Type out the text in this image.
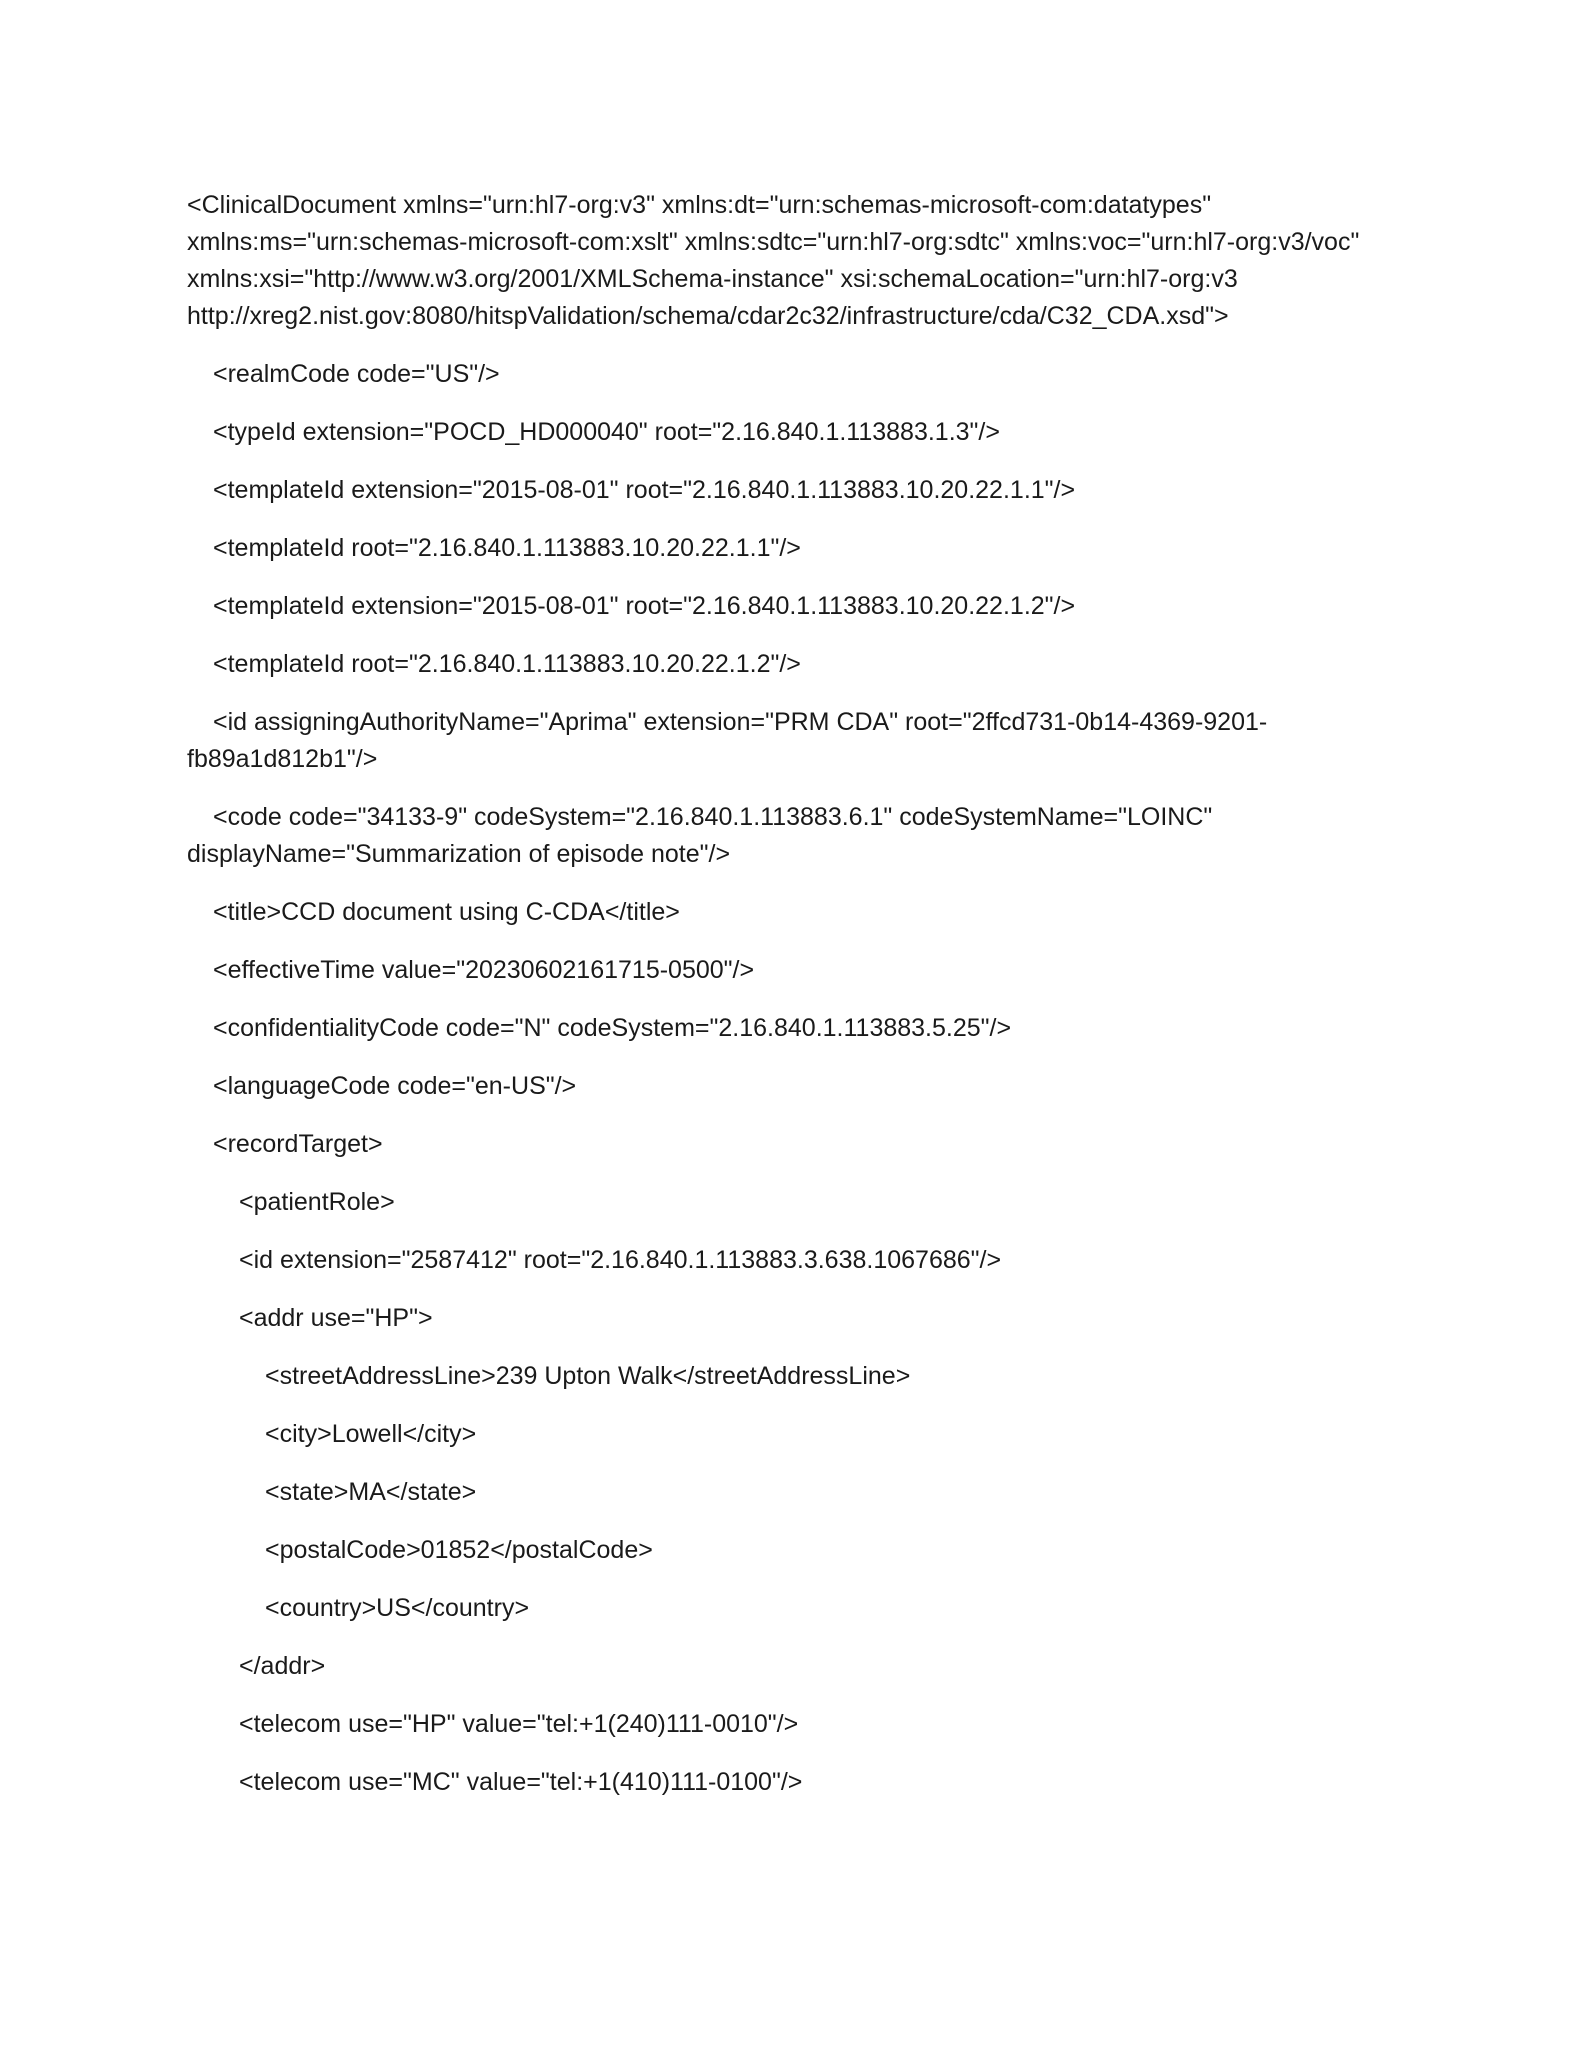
<ClinicalDocument xmlns="urn:hl7-org:v3" xmlns:dt="urn:schemas-microsoft-com:datatypes" xmlns:ms="urn:schemas-microsoft-com:xslt" xmlns:sdtc="urn:hl7-org:sdtc" xmlns:voc="urn:hl7-org:v3/voc" xmlns:xsi="http://www.w3.org/2001/XMLSchema-instance" xsi:schemaLocation="urn:hl7-org:v3 http://xreg2.nist.gov:8080/hitspValidation/schema/cdar2c32/infrastructure/cda/C32_CDA.xsd">

<realmCode code="US"/>

<typeId extension="POCD_HD000040" root="2.16.840.1.113883.1.3"/>

<templateId extension="2015-08-01" root="2.16.840.1.113883.10.20.22.1.1"/>

<templateId root="2.16.840.1.113883.10.20.22.1.1"/>

<templateId extension="2015-08-01" root="2.16.840.1.113883.10.20.22.1.2"/>

<templateId root="2.16.840.1.113883.10.20.22.1.2"/>

<id assigningAuthorityName="Aprima" extension="PRM CDA" root="2ffcd731-0b14-4369-9201-fb89a1d812b1"/>

<code code="34133-9" codeSystem="2.16.840.1.113883.6.1" codeSystemName="LOINC" displayName="Summarization of episode note"/>

<title>CCD document using C-CDA</title>

<effectiveTime value="20230602161715-0500"/>

<confidentialityCode code="N" codeSystem="2.16.840.1.113883.5.25"/>

<languageCode code="en-US"/>

<recordTarget>

<patientRole>

<id extension="2587412" root="2.16.840.1.113883.3.638.1067686"/>

<addr use="HP">

<streetAddressLine>239 Upton Walk</streetAddressLine>

<city>Lowell</city>

<state>MA</state>

<postalCode>01852</postalCode>

<country>US</country>

</addr>

<telecom use="HP" value="tel:+1(240)111-0010"/>

<telecom use="MC" value="tel:+1(410)111-0100"/>
